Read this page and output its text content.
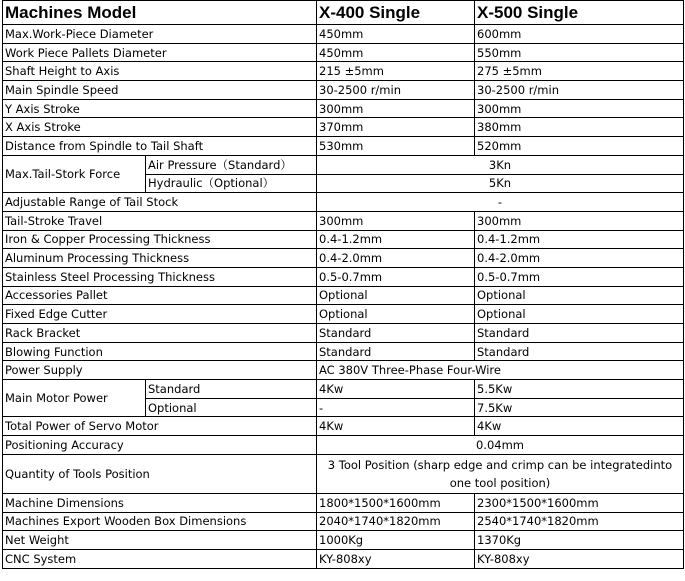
Machines Model		X-400 Single	X-500 Single
Max.Work-Piece Diameter		450mm	600mm
Work Piece Pallets Diameter		450mm	550mm
Shaft Height to Axis		215 ±5mm	275 ±5mm
Main Spindle Speed		30-2500 r/min	30-2500 r/min
Y Axis Stroke		300mm	300mm
X Axis Stroke		370mm	380mm
Distance from Spindle to Tail Shaft		530mm	520mm
Max.Tail-Stork Force	Air Pressure（Standard）	3Kn	
	Hydraulic（Optional）	5Kn	
Adjustable Range of Tail Stock		-	
Tail-Stroke Travel		300mm	300mm
Iron & Copper Processing Thickness		0.4-1.2mm	0.4-1.2mm
Aluminum Processing Thickness		0.4-2.0mm	0.4-2.0mm
Stainless Steel Processing Thickness		0.5-0.7mm	0.5-0.7mm
Accessories Pallet		Optional	Optional
Fixed Edge Cutter		Optional	Optional
Rack Bracket		Standard	Standard
Blowing Function		Standard	Standard
Power Supply		AC 380V Three-Phase Four-Wire	
Main Motor Power	Standard	4Kw	5.5Kw
	Optional	-	7.5Kw
Total Power of Servo Motor		4Kw	4Kw
Positioning Accuracy		0.04mm	
Quantity of Tools Position		3 Tool Position (sharp edge and crimp can be integratedinto one tool position)	
Machine Dimensions		1800*1500*1600mm	2300*1500*1600mm
Machines Export Wooden Box Dimensions		2040*1740*1820mm	2540*1740*1820mm
Net Weight		1000Kg	1370Kg
CNC System		KY-808xy	KY-808xy
